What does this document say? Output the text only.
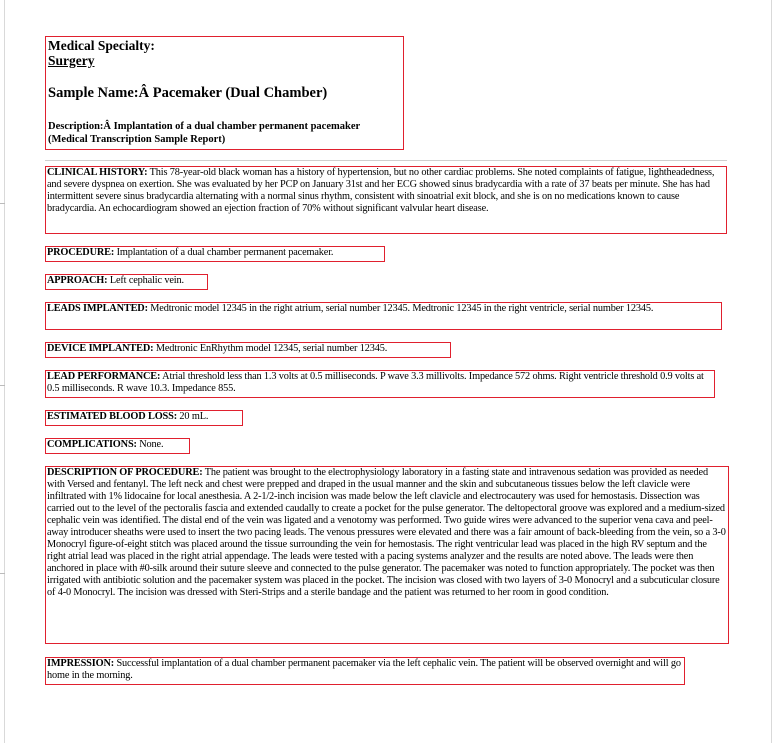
Medical Specialty:
Surgery
Sample Name:Â Pacemaker (Dual Chamber)
Description:Â Implantation of a dual chamber permanent pacemaker
(Medical Transcription Sample Report)
CLINICAL HISTORY: This 78-year-old black woman has a history of hypertension, but no other cardiac problems. She noted complaints of fatigue, lightheadedness, and severe dyspnea on exertion. She was evaluated by her PCP on January 31st and her ECG showed sinus bradycardia with a rate of 37 beats per minute. She has had intermittent severe sinus bradycardia alternating with a normal sinus rhythm, consistent with sinoatrial exit block, and she is on no medications known to cause bradycardia. An echocardiogram showed an ejection fraction of 70% without significant valvular heart disease.
PROCEDURE: Implantation of a dual chamber permanent pacemaker.
APPROACH: Left cephalic vein.
LEADS IMPLANTED: Medtronic model 12345 in the right atrium, serial number 12345. Medtronic 12345 in the right ventricle, serial number 12345.
DEVICE IMPLANTED: Medtronic EnRhythm model 12345, serial number 12345.
LEAD PERFORMANCE: Atrial threshold less than 1.3 volts at 0.5 milliseconds. P wave 3.3 millivolts. Impedance 572 ohms. Right ventricle threshold 0.9 volts at 0.5 milliseconds. R wave 10.3. Impedance 855.
ESTIMATED BLOOD LOSS: 20 mL.
COMPLICATIONS: None.
DESCRIPTION OF PROCEDURE: The patient was brought to the electrophysiology laboratory in a fasting state and intravenous sedation was provided as needed with Versed and fentanyl. The left neck and chest were prepped and draped in the usual manner and the skin and subcutaneous tissues below the left clavicle were infiltrated with 1% lidocaine for local anesthesia. A 2-1/2-inch incision was made below the left clavicle and electrocautery was used for hemostasis. Dissection was carried out to the level of the pectoralis fascia and extended caudally to create a pocket for the pulse generator. The deltopectoral groove was explored and a medium-sized cephalic vein was identified. The distal end of the vein was ligated and a venotomy was performed. Two guide wires were advanced to the superior vena cava and peel-away introducer sheaths were used to insert the two pacing leads. The venous pressures were elevated and there was a fair amount of back-bleeding from the vein, so a 3-0 Monocryl figure-of-eight stitch was placed around the tissue surrounding the vein for hemostasis. The right ventricular lead was placed in the high RV septum and the right atrial lead was placed in the right atrial appendage. The leads were tested with a pacing systems analyzer and the results are noted above. The leads were then anchored in place with #0-silk around their suture sleeve and connected to the pulse generator. The pacemaker was noted to function appropriately. The pocket was then irrigated with antibiotic solution and the pacemaker system was placed in the pocket. The incision was closed with two layers of 3-0 Monocryl and a subcuticular closure of 4-0 Monocryl. The incision was dressed with Steri-Strips and a sterile bandage and the patient was returned to her room in good condition.
IMPRESSION: Successful implantation of a dual chamber permanent pacemaker via the left cephalic vein. The patient will be observed overnight and will go home in the morning.
